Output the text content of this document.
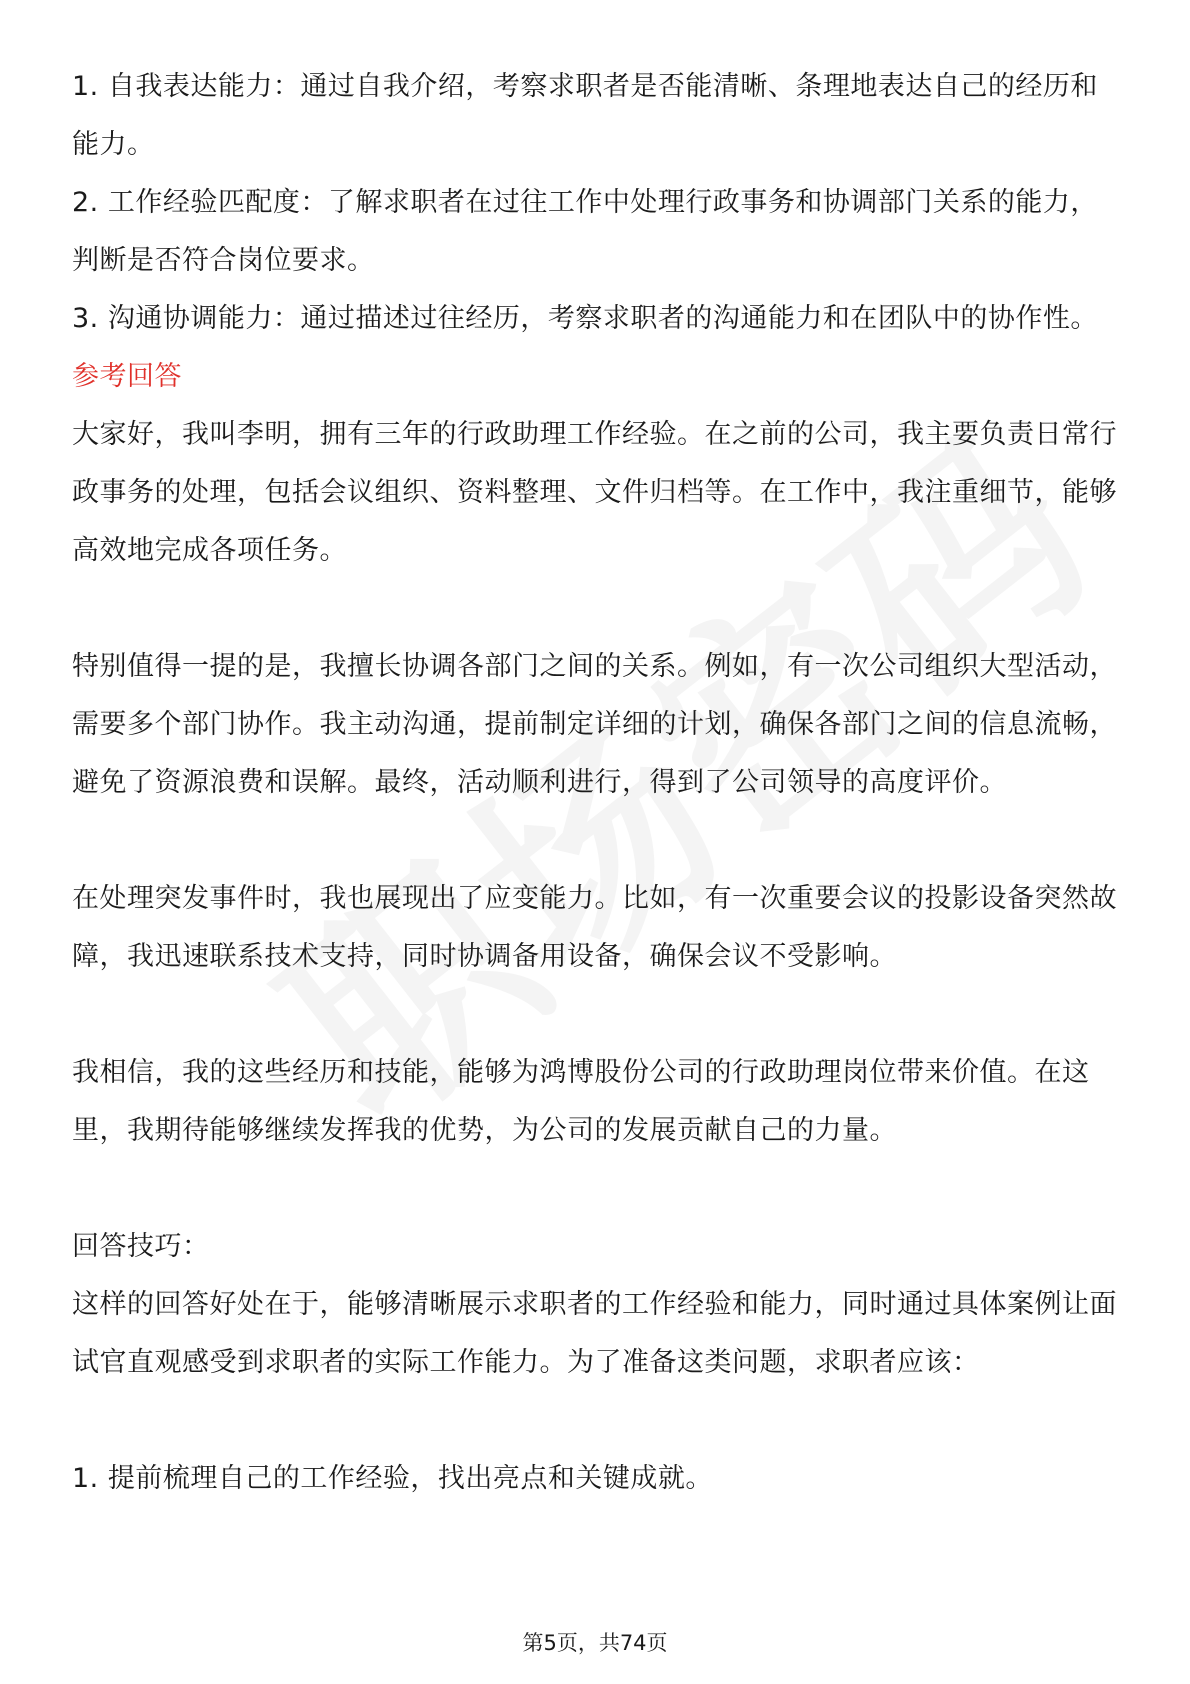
1. 自我表达能力：通过自我介绍，考察求职者是否能清晰、条理地表达自己的经历和能力。

2. 工作经验匹配度：了解求职者在过往工作中处理行政事务和协调部门关系的能力，判断是否符合岗位要求。

3. 沟通协调能力：通过描述过往经历，考察求职者的沟通能力和在团队中的协作性。

参考回答

大家好，我叫李明，拥有三年的行政助理工作经验。在之前的公司，我主要负责日常行政事务的处理，包括会议组织、资料整理、文件归档等。在工作中，我注重细节，能够高效地完成各项任务。

特别值得一提的是，我擅长协调各部门之间的关系。例如，有一次公司组织大型活动，需要多个部门协作。我主动沟通，提前制定详细的计划，确保各部门之间的信息流畅，避免了资源浪费和误解。最终，活动顺利进行，得到了公司领导的高度评价。

在处理突发事件时，我也展现出了应变能力。比如，有一次重要会议的投影设备突然故障，我迅速联系技术支持，同时协调备用设备，确保会议不受影响。

我相信，我的这些经历和技能，能够为鸿博股份公司的行政助理岗位带来价值。在这里，我期待能够继续发挥我的优势，为公司的发展贡献自己的力量。

回答技巧：

这样的回答好处在于，能够清晰展示求职者的工作经验和能力，同时通过具体案例让面试官直观感受到求职者的实际工作能力。为了准备这类问题，求职者应该：

1. 提前梳理自己的工作经验，找出亮点和关键成就。

第5页，共74页
